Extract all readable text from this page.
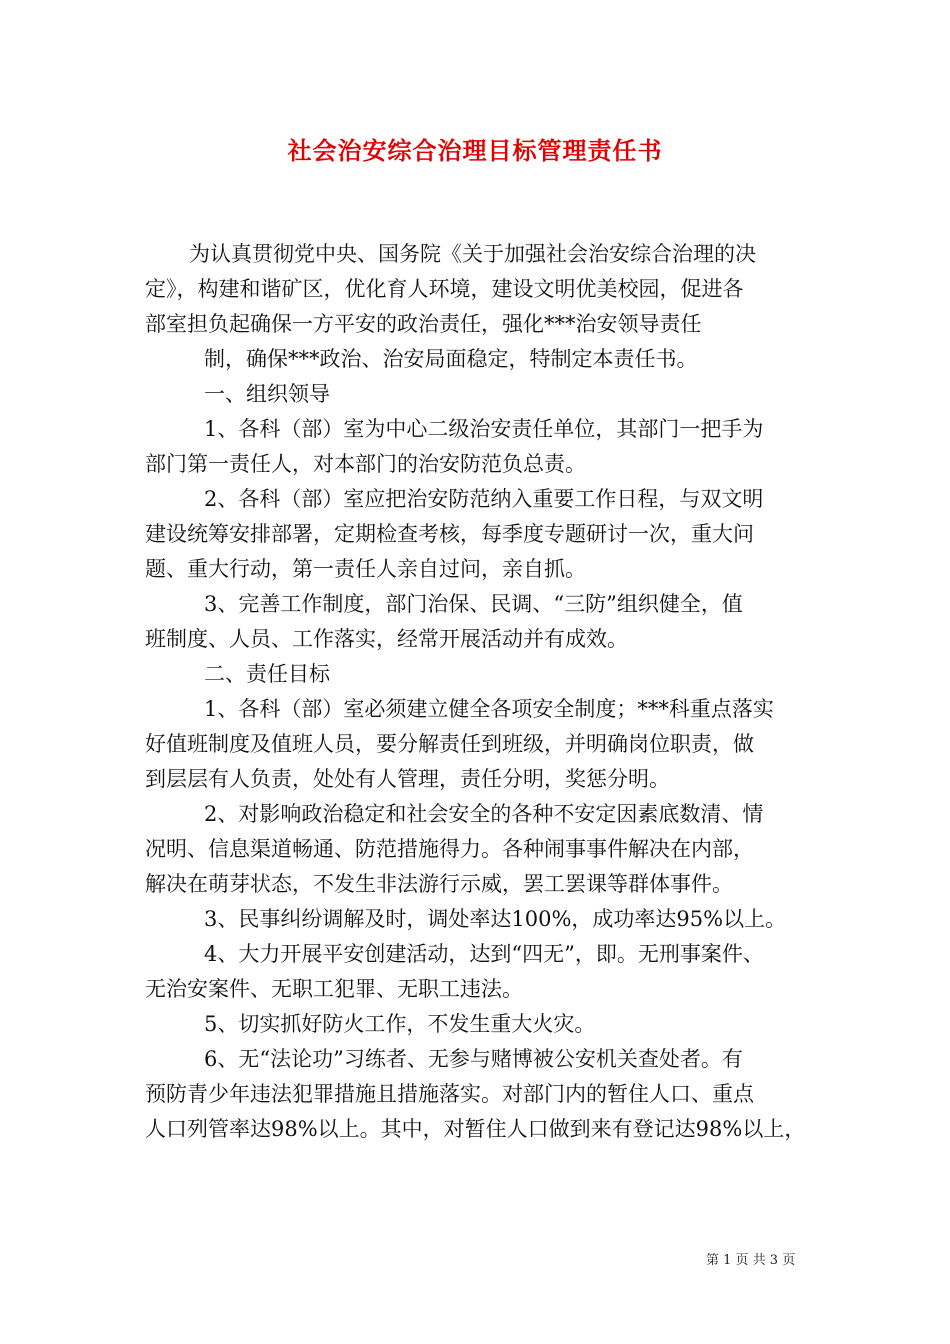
社会治安综合治理目标管理责任书
为认真贯彻党中央、国务院《关于加强社会治安综合治理的决
定》，构建和谐矿区，优化育人环境，建设文明优美校园，促进各
部室担负起确保一方平安的政治责任，强化***治安领导责任
制，确保***政治、治安局面稳定，特制定本责任书。
一、组织领导
1、各科（部）室为中心二级治安责任单位，其部门一把手为
部门第一责任人，对本部门的治安防范负总责。
2、各科（部）室应把治安防范纳入重要工作日程，与双文明
建设统筹安排部署，定期检查考核，每季度专题研讨一次，重大问
题、重大行动，第一责任人亲自过问，亲自抓。
3、完善工作制度，部门治保、民调、“三防”组织健全，值
班制度、人员、工作落实，经常开展活动并有成效。
二、责任目标
1、各科（部）室必须建立健全各项安全制度；***科重点落实
好值班制度及值班人员，要分解责任到班级，并明确岗位职责，做
到层层有人负责，处处有人管理，责任分明，奖惩分明。
2、对影响政治稳定和社会安全的各种不安定因素底数清、情
况明、信息渠道畅通、防范措施得力。各种闹事事件解决在内部，
解决在萌芽状态，不发生非法游行示威，罢工罢课等群体事件。
3、民事纠纷调解及时，调处率达100%，成功率达95%以上。
4、大力开展平安创建活动，达到“四无”，即。无刑事案件、
无治安案件、无职工犯罪、无职工违法。
5、切实抓好防火工作，不发生重大火灾。
6、无“法论功”习练者、无参与赌博被公安机关查处者。有
预防青少年违法犯罪措施且措施落实。对部门内的暂住人口、重点
人口列管率达98%以上。其中，对暂住人口做到来有登记达98%以上，
第 1 页 共 3 页
